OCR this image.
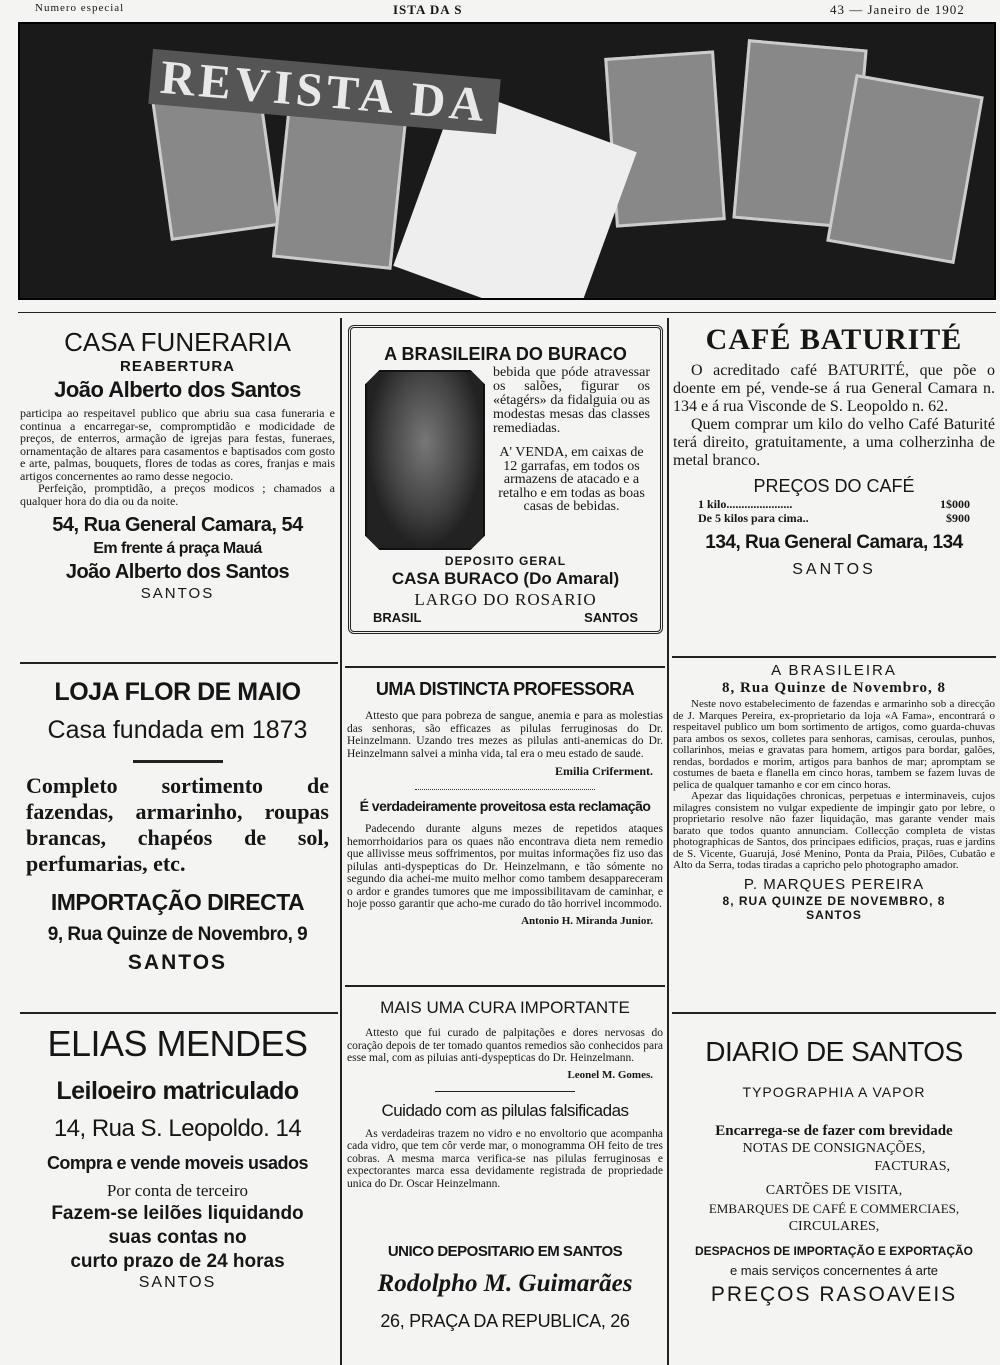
Numero especial	ISTA DA S	43 — Janeiro de 1902
REVISTA DA
CASA FUNERARIA
REABERTURA
João Alberto dos Santos
participa ao respeitavel publico que abriu sua casa funeraria e continua a encarregar-se, compromptidão e modicidade de preços, de enterros, armação de igrejas para festas, funeraes, ornamentação de altares para casamentos e baptisados com gosto e arte, palmas, bouquets, flores de todas as cores, franjas e mais artigos concernentes ao ramo desse negocio.

Perfeição, promptidão, a preços modicos ; chamados a qualquer hora do dia ou da noite.

54, Rua General Camara, 54
Em frente á praça Mauá
João Alberto dos Santos
SANTOS
LOJA FLOR DE MAIO
Casa fundada em 1873
Completo sortimento de fazendas, armarinho, roupas brancas, chapéos de sol, perfumarias, etc.
IMPORTAÇÃO DIRECTA
9, Rua Quinze de Novembro, 9
SANTOS
ELIAS MENDES
Leiloeiro matriculado
14, Rua S. Leopoldo. 14
Compra e vende moveis usados
Por conta de terceiro
Fazem-se leilões liquidando
suas contas no
curto prazo de 24 horas
SANTOS
A BRASILEIRA DO BURACO
bebida que póde atravessar os salões, figurar os «étagérs» da fidalguia ou as modestas mesas das classes remediadas.
A' VENDA, em caixas de 12 garrafas, em todos os armazens de atacado e a retalho e em todas as boas casas de bebidas.
DEPOSITO GERAL
CASA BURACO (Do Amaral)
LARGO DO ROSARIO
BRASIL	SANTOS
UMA DISTINCTA PROFESSORA

Attesto que para pobreza de sangue, anemia e para as molestias das senhoras, são efficazes as pilulas ferruginosas do Dr. Heinzelmann. Uzando tres mezes as pilulas anti-anemicas do Dr. Heinzelmann salvei a minha vida, tal era o meu estado de saude.

Emilia Criferment.
É verdadeiramente proveitosa esta reclamação

Padecendo durante alguns mezes de repetidos ataques hemorrhoidarios para os quaes não encontrava dieta nem remedio que allivisse meus soffrimentos, por muitas informações fiz uso das pilulas anti-dyspepticas do Dr. Heinzelmann, e tão sómente no segundo dia achei-me muito melhor como tambem desappareceram o ardor e grandes tumores que me impossibilitavam de caminhar, e hoje posso garantir que acho-me curado do tão horrivel incommodo.

Antonio H. Miranda Junior.
MAIS UMA CURA IMPORTANTE

Attesto que fui curado de palpitações e dores nervosas do coração depois de ter tomado quantos remedios são conhecidos para esse mal, com as piluias anti-dyspepticas do Dr. Heinzelmann.

Leonel M. Gomes.
Cuidado com as pilulas falsificadas

As verdadeiras trazem no vidro e no envoltorio que acompanha cada vidro, que tem côr verde mar, o monogramma OH feito de tres cobras. A mesma marca verifica-se nas pilulas ferruginosas e expectorantes marca essa devidamente registrada de propriedade unica do Dr. Oscar Heinzelmann.

UNICO DEPOSITARIO EM SANTOS
Rodolpho M. Guimarães
26, PRAÇA DA REPUBLICA, 26
CAFÉ BATURITÉ

O acreditado café BATURITÉ, que põe o doente em pé, vende-se á rua General Camara n. 134 e á rua Visconde de S. Leopoldo n. 62.

Quem comprar um kilo do velho Café Baturité terá direito, gratuitamente, a uma colherzinha de metal branco.

PREÇOS DO CAFÉ
1 kilo......................	1$000
De 5 kilos para cima..	$900
134, Rua General Camara, 134
SANTOS
A BRASILEIRA
8, Rua Quinze de Novembro, 8

Neste novo estabelecimento de fazendas e armarinho sob a direcção de J. Marques Pereira, ex-proprietario da loja «A Fama», encontrará o respeitavel publico um bom sortimento de artigos, como guarda-chuvas para ambos os sexos, colletes para senhoras, camisas, ceroulas, punhos, collarinhos, meias e gravatas para homem, artigos para bordar, galões, rendas, bordados e morim, artigos para banhos de mar; apromptam se costumes de baeta e flanella em cinco horas, tambem se fazem luvas de pelica de qualquer tamanho e cor em cinco horas.

Apezar das liquidações chronicas, perpetuas e interminaveis, cujos milagres consistem no vulgar expediente de impingir gato por lebre, o proprietario resolve não fazer liquidação, mas garante vender mais barato que todos quanto annunciam. Collecção completa de vistas photographicas de Santos, dos principaes edificios, praças, ruas e jardins de S. Vicente, Guarujá, José Menino, Ponta da Praia, Pilões, Cubatão e Alto da Serra, todas tiradas a capricho pelo photographo amador.

P. MARQUES PEREIRA
8, RUA QUINZE DE NOVEMBRO, 8
SANTOS
DIARIO DE SANTOS
TYPOGRAPHIA A VAPOR
Encarrega-se de fazer com brevidade
NOTAS DE CONSIGNAÇÕES,
FACTURAS,
CARTÕES DE VISITA,
EMBARQUES DE CAFÉ E COMMERCIAES,
CIRCULARES,
DESPACHOS DE IMPORTAÇÃO E EXPORTAÇÃO
e mais serviços concernentes á arte
PREÇOS RASOAVEIS
